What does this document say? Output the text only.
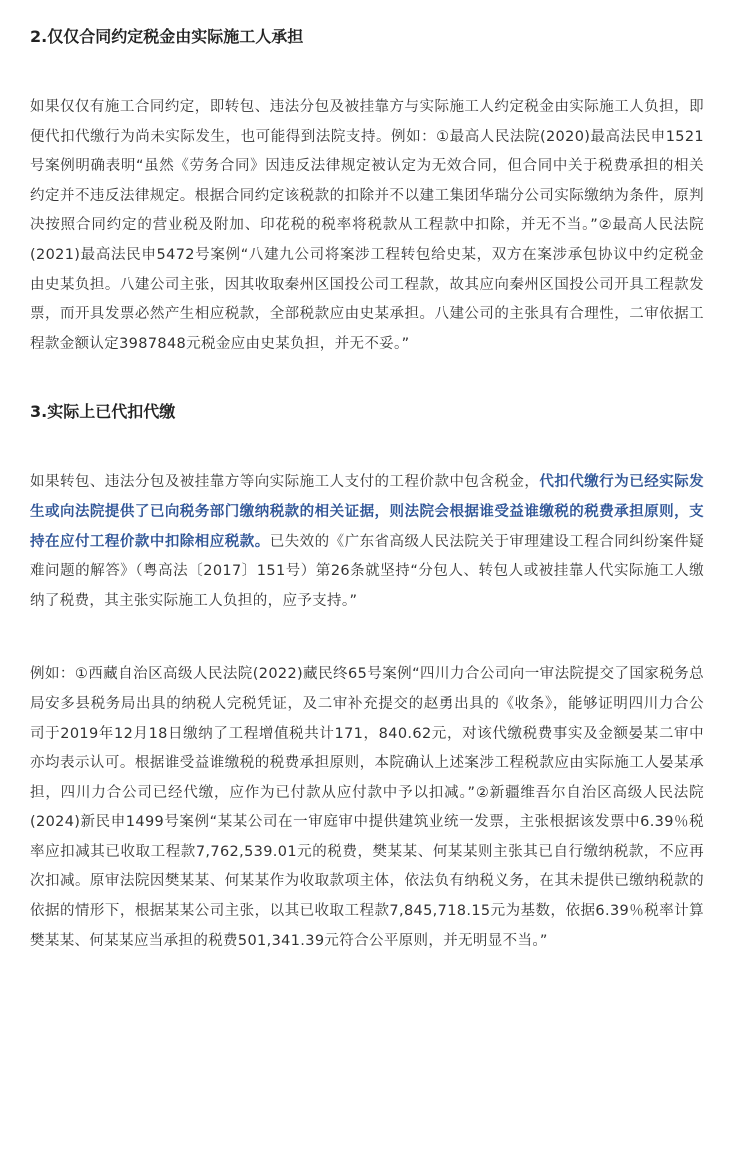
2.仅仅合同约定税金由实际施工人承担

如果仅仅有施工合同约定，即转包、违法分包及被挂靠方与实际施工人约定税金由实际施工人负担，即便代扣代缴行为尚未实际发生，也可能得到法院支持。例如：①最高人民法院(2020)最高法民申1521号案例明确表明“虽然《劳务合同》因违反法律规定被认定为无效合同，但合同中关于税费承担的相关约定并不违反法律规定。根据合同约定该税款的扣除并不以建工集团华瑞分公司实际缴纳为条件，原判决按照合同约定的营业税及附加、印花税的税率将税款从工程款中扣除，并无不当。”②最高人民法院(2021)最高法民申5472号案例“八建九公司将案涉工程转包给史某，双方在案涉承包协议中约定税金由史某负担。八建公司主张，因其收取秦州区国投公司工程款，故其应向秦州区国投公司开具工程款发票，而开具发票必然产生相应税款，全部税款应由史某承担。八建公司的主张具有合理性，二审依据工程款金额认定3987848元税金应由史某负担，并无不妥。”

3.实际上已代扣代缴

如果转包、违法分包及被挂靠方等向实际施工人支付的工程价款中包含税金，代扣代缴行为已经实际发生或向法院提供了已向税务部门缴纳税款的相关证据，则法院会根据谁受益谁缴税的税费承担原则，支持在应付工程价款中扣除相应税款。已失效的《广东省高级人民法院关于审理建设工程合同纠纷案件疑难问题的解答》（粤高法〔2017〕151号）第26条就坚持“分包人、转包人或被挂靠人代实际施工人缴纳了税费，其主张实际施工人负担的，应予支持。”

例如：①西藏自治区高级人民法院(2022)藏民终65号案例“四川力合公司向一审法院提交了国家税务总局安多县税务局出具的纳税人完税凭证，及二审补充提交的赵勇出具的《收条》，能够证明四川力合公司于2019年12月18日缴纳了工程增值税共计171，840.62元，对该代缴税费事实及金额晏某二审中亦均表示认可。根据谁受益谁缴税的税费承担原则，本院确认上述案涉工程税款应由实际施工人晏某承担，四川力合公司已经代缴，应作为已付款从应付款中予以扣减。”②新疆维吾尔自治区高级人民法院(2024)新民申1499号案例“某某公司在一审庭审中提供建筑业统一发票，主张根据该发票中6.39％税率应扣减其已收取工程款7,762,539.01元的税费，樊某某、何某某则主张其已自行缴纳税款，不应再次扣减。原审法院因樊某某、何某某作为收取款项主体，依法负有纳税义务，在其未提供已缴纳税款的依据的情形下，根据某某公司主张，以其已收取工程款7,845,718.15元为基数，依据6.39％税率计算樊某某、何某某应当承担的税费501,341.39元符合公平原则，并无明显不当。”
